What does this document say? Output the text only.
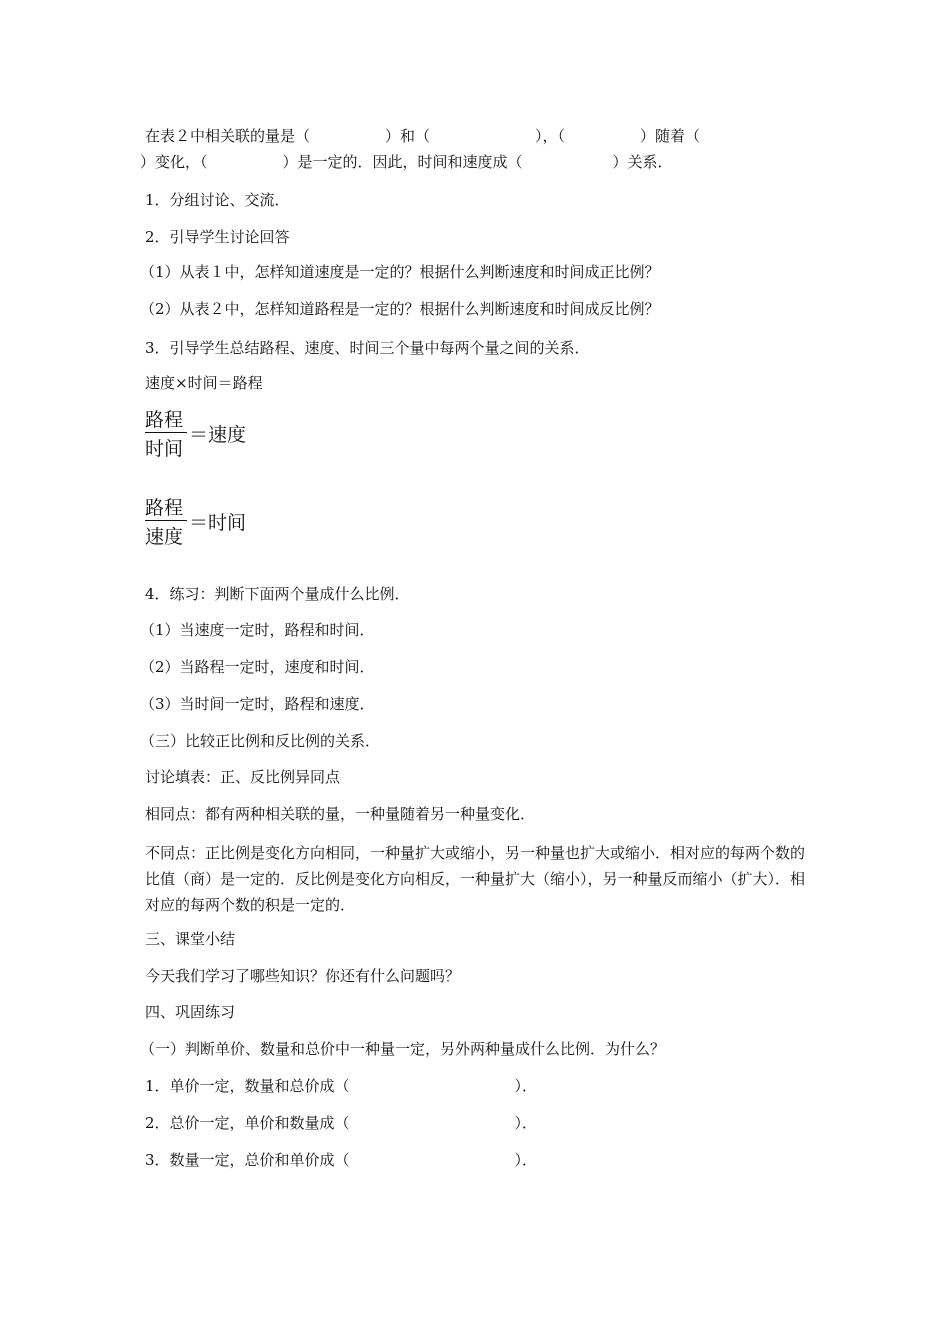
在表２中相关联的量是（　　　　　）和（　　　　　　　），（　　　　　）随着（

）变化，（　　　　　）是一定的．因此，时间和速度成（　　　　　　）关系．

1．分组讨论、交流．

2．引导学生讨论回答

（1）从表１中，怎样知道速度是一定的？根据什么判断速度和时间成正比例？

（2）从表２中，怎样知道路程是一定的？根据什么判断速度和时间成反比例？

3．引导学生总结路程、速度、时间三个量中每两个量之间的关系．

速度×时间＝路程

路程
时间
＝速度
路程
速度
＝时间

4．练习：判断下面两个量成什么比例．

（1）当速度一定时，路程和时间．

（2）当路程一定时，速度和时间．

（3）当时间一定时，路程和速度．

（三）比较正比例和反比例的关系．

讨论填表：正、反比例异同点

相同点：都有两种相关联的量，一种量随着另一种量变化．

不同点：正比例是变化方向相同，一种量扩大或缩小，另一种量也扩大或缩小．相对应的每两个数的比值（商）是一定的．反比例是变化方向相反，一种量扩大（缩小），另一种量反而缩小（扩大）．相对应的每两个数的积是一定的．

三、课堂小结

今天我们学习了哪些知识？你还有什么问题吗？

四、巩固练习

（一）判断单价、数量和总价中一种量一定，另外两种量成什么比例．为什么？

1．单价一定，数量和总价成（　　　　　　　　　　　）．

2．总价一定，单价和数量成（　　　　　　　　　　　）．

3．数量一定，总价和单价成（　　　　　　　　　　　）．
